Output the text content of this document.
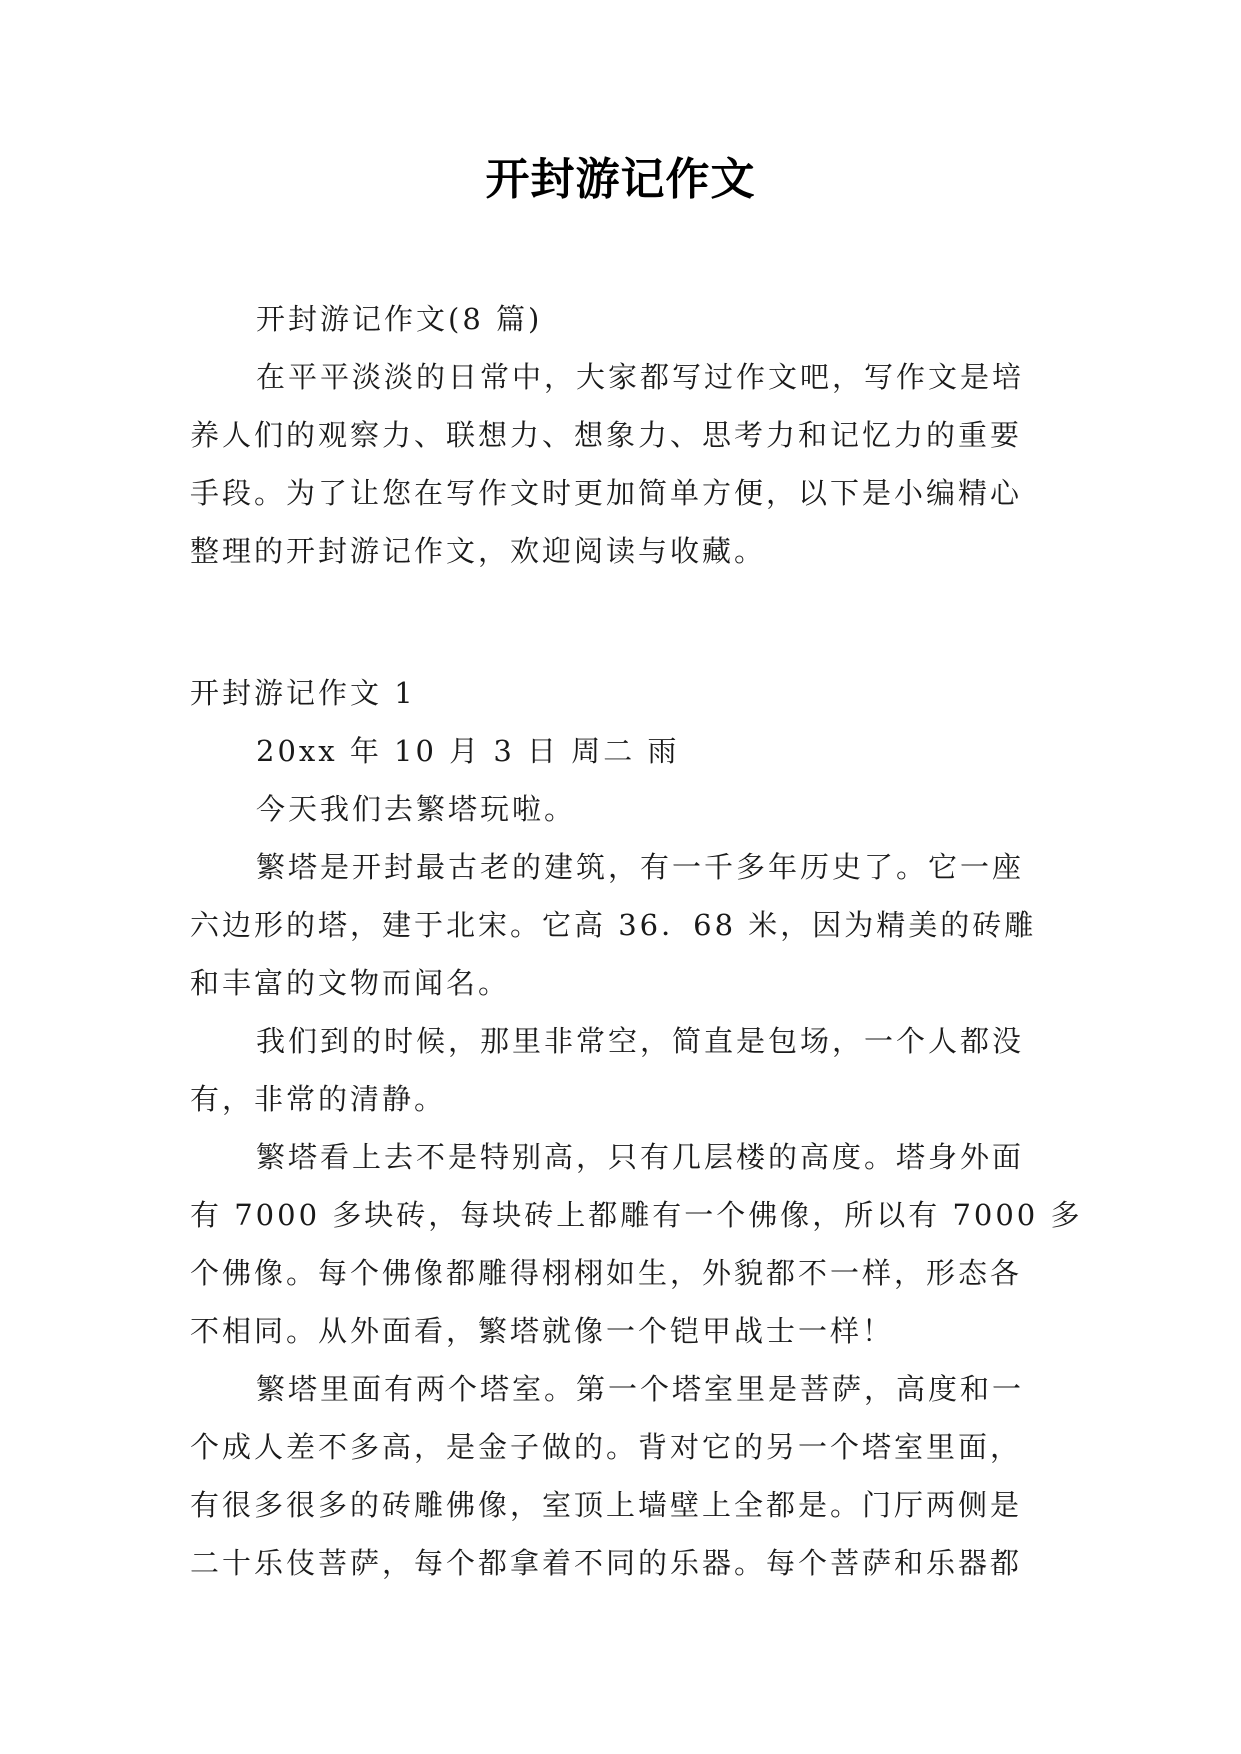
开封游记作文
开封游记作文(8 篇)
在平平淡淡的日常中，大家都写过作文吧，写作文是培
养人们的观察力、联想力、想象力、思考力和记忆力的重要
手段。为了让您在写作文时更加简单方便，以下是小编精心
整理的开封游记作文，欢迎阅读与收藏。
开封游记作文 1
20xx 年 10 月 3 日 周二 雨
今天我们去繁塔玩啦。
繁塔是开封最古老的建筑，有一千多年历史了。它一座
六边形的塔，建于北宋。它高 36．68 米，因为精美的砖雕
和丰富的文物而闻名。
我们到的时候，那里非常空，简直是包场，一个人都没
有，非常的清静。
繁塔看上去不是特别高，只有几层楼的高度。塔身外面
有 7000 多块砖，每块砖上都雕有一个佛像，所以有 7000 多
个佛像。每个佛像都雕得栩栩如生，外貌都不一样，形态各
不相同。从外面看，繁塔就像一个铠甲战士一样！
繁塔里面有两个塔室。第一个塔室里是菩萨，高度和一
个成人差不多高，是金子做的。背对它的另一个塔室里面，
有很多很多的砖雕佛像，室顶上墙壁上全都是。门厅两侧是
二十乐伎菩萨，每个都拿着不同的乐器。每个菩萨和乐器都
